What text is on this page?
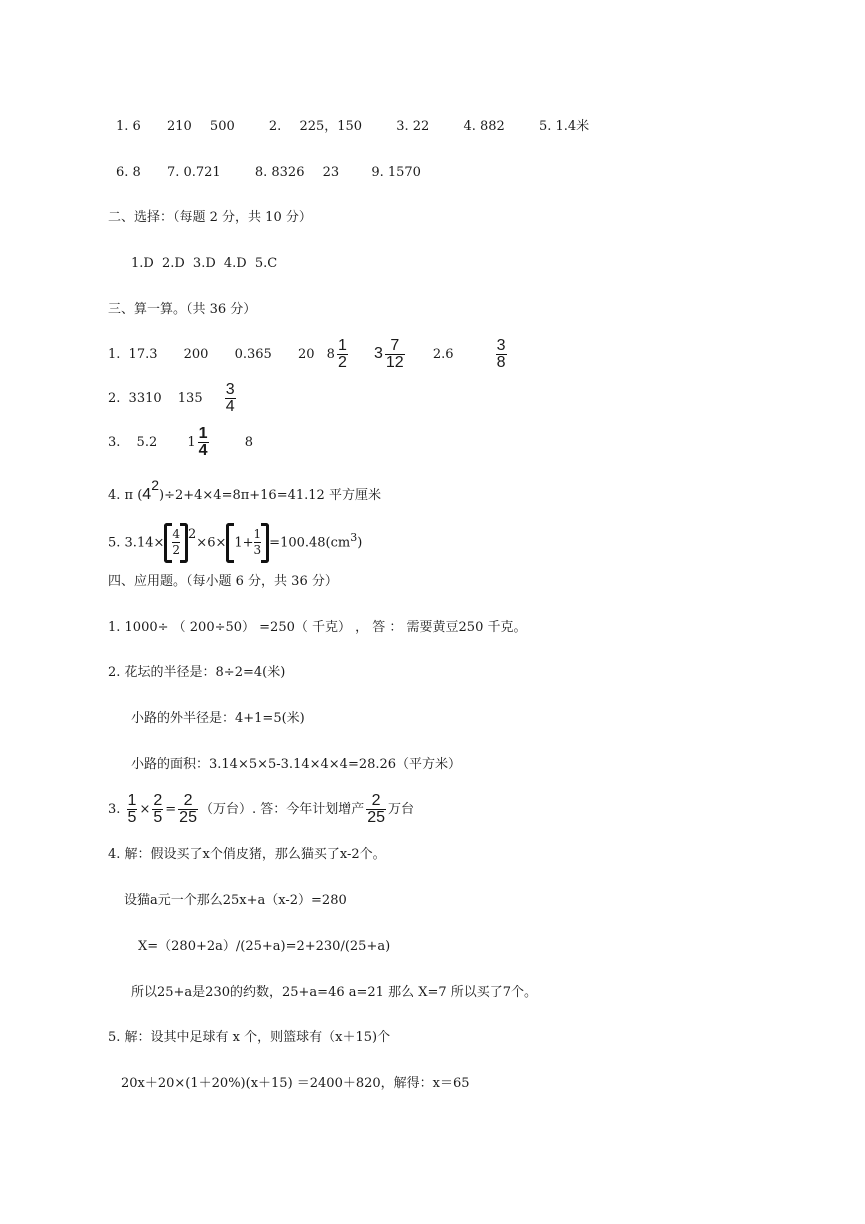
1. 6 210 500	2. 225，150	3. 22	4. 882	5. 1.4米
6. 8 7. 0.721	8. 8326 23 9. 1570
二、选择：（每题 2 分，共 10 分）
1.D 2.D 3.D 4.D 5.C
三、算一算。（共 36 分）
1. 17.3 200 0.365 20 $8 \frac{1}{2} 3 \frac{7}{12} 2.6$	$\frac{3}{8}$
2. 3310 $135 \frac{3}{4}$
3. 5.2 $1 \frac{1}{4}$	8
4. π (42)÷2+4×4=8π+16=41.12 平方厘米
5. $3.14\times \frac{4}{2} 2\times 6\times 1+ \frac{1}{3} =100.48(cm^3)$
四、应用题。（每小题 6 分，共 36 分）
1. 1000÷ （ 200÷50） =250（ 千克） ， 答 ： 需要黄豆250 千克。
2. 花坛的半径是：8÷2=4(米)
小路的外半径是：4+1=5(米)
小路的面积：3.14×5×5-3.14×4×4=28.26（平方米）
3. $\frac{1}{5} \times \frac{2}{5} = \frac{2}{25}$ （万台）. 答：今年计划增产 $\frac{2}{25}$ 万台
4. 解：假设买了x个俏皮猪，那么猫买了x-2个。
设猫a元一个那么25x+a（x-2）=280
X=（280+2a）/(25+a)=2+230/(25+a)
所以25+a是230的约数，25+a=46 a=21 那么 X=7 所以买了7个。
5. 解：设其中足球有 x 个，则篮球有（x＋15)个
20x＋20×(1＋20%)(x＋15) ＝2400＋820，解得：x＝65
